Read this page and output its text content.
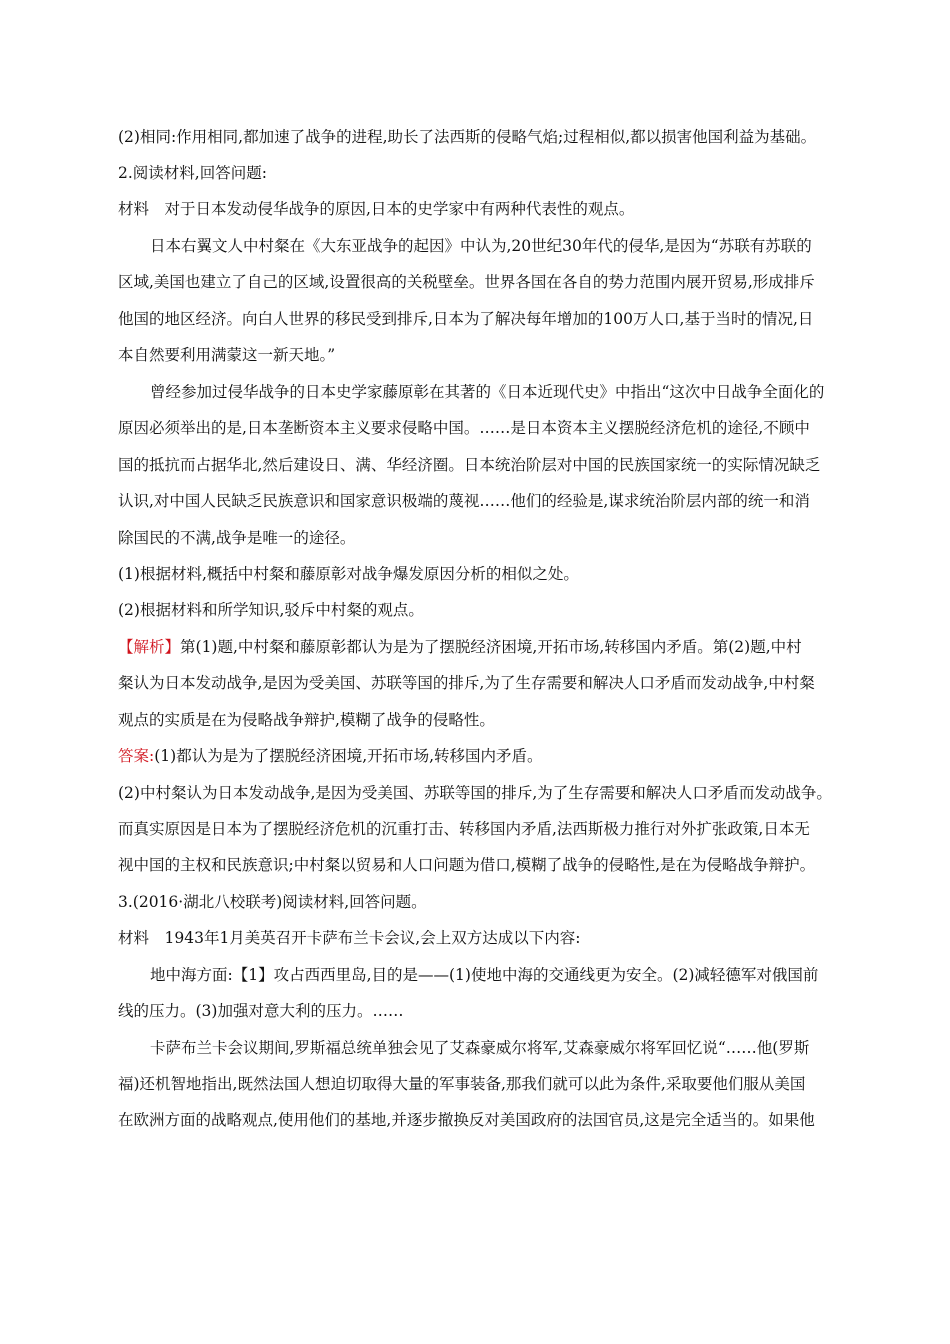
(2)相同:作用相同,都加速了战争的进程,助长了法西斯的侵略气焰;过程相似,都以损害他国利益为基础。
2.阅读材料,回答问题:
材料　对于日本发动侵华战争的原因,日本的史学家中有两种代表性的观点。
日本右翼文人中村粲在《大东亚战争的起因》中认为,20世纪30年代的侵华,是因为“苏联有苏联的
区域,美国也建立了自己的区域,设置很高的关税壁垒。世界各国在各自的势力范围内展开贸易,形成排斥
他国的地区经济。向白人世界的移民受到排斥,日本为了解决每年增加的100万人口,基于当时的情况,日
本自然要利用满蒙这一新天地。”
曾经参加过侵华战争的日本史学家藤原彰在其著的《日本近现代史》中指出“这次中日战争全面化的
原因必须举出的是,日本垄断资本主义要求侵略中国。……是日本资本主义摆脱经济危机的途径,不顾中
国的抵抗而占据华北,然后建设日、满、华经济圈。日本统治阶层对中国的民族国家统一的实际情况缺乏
认识,对中国人民缺乏民族意识和国家意识极端的蔑视……他们的经验是,谋求统治阶层内部的统一和消
除国民的不满,战争是唯一的途径。
(1)根据材料,概括中村粲和藤原彰对战争爆发原因分析的相似之处。
(2)根据材料和所学知识,驳斥中村粲的观点。
【解析】第(1)题,中村粲和藤原彰都认为是为了摆脱经济困境,开拓市场,转移国内矛盾。第(2)题,中村
粲认为日本发动战争,是因为受美国、苏联等国的排斥,为了生存需要和解决人口矛盾而发动战争,中村粲
观点的实质是在为侵略战争辩护,模糊了战争的侵略性。
答案:(1)都认为是为了摆脱经济困境,开拓市场,转移国内矛盾。
(2)中村粲认为日本发动战争,是因为受美国、苏联等国的排斥,为了生存需要和解决人口矛盾而发动战争。
而真实原因是日本为了摆脱经济危机的沉重打击、转移国内矛盾,法西斯极力推行对外扩张政策,日本无
视中国的主权和民族意识;中村粲以贸易和人口问题为借口,模糊了战争的侵略性,是在为侵略战争辩护。
3.(2016·湖北八校联考)阅读材料,回答问题。
材料　1943年1月美英召开卡萨布兰卡会议,会上双方达成以下内容:
地中海方面:【1】攻占西西里岛,目的是——(1)使地中海的交通线更为安全。(2)减轻德军对俄国前
线的压力。(3)加强对意大利的压力。……
卡萨布兰卡会议期间,罗斯福总统单独会见了艾森豪威尔将军,艾森豪威尔将军回忆说“……他(罗斯
福)还机智地指出,既然法国人想迫切取得大量的军事装备,那我们就可以此为条件,采取要他们服从美国
在欧洲方面的战略观点,使用他们的基地,并逐步撤换反对美国政府的法国官员,这是完全适当的。如果他
